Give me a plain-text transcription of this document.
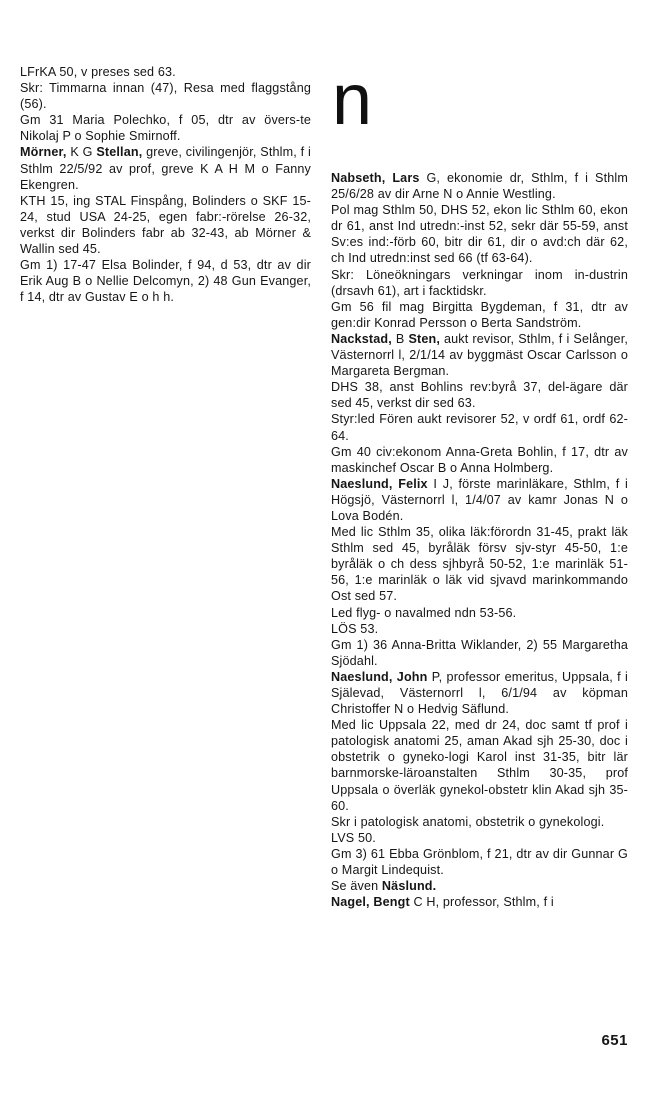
LFrKA 50, v preses sed 63.

Skr: Timmarna innan (47), Resa med flaggstång (56).

Gm 31 Maria Polechko, f 05, dtr av övers-te Nikolaj P o Sophie Smirnoff.

Mörner, K G Stellan, greve, civilingenjör, Sthlm, f i Sthlm 22/5/92 av prof, greve K A H M o Fanny Ekengren.

KTH 15, ing STAL Finspång, Bolinders o SKF 15-24, stud USA 24-25, egen fabr:-rörelse 26-32, verkst dir Bolinders fabr ab 32-43, ab Mörner & Wallin sed 45.

Gm 1) 17-47 Elsa Bolinder, f 94, d 53, dtr av dir Erik Aug B o Nellie Delcomyn, 2) 48 Gun Evanger, f 14, dtr av Gustav E o h h.

n

Nabseth, Lars G, ekonomie dr, Sthlm, f i Sthlm 25/6/28 av dir Arne N o Annie Westling.

Pol mag Sthlm 50, DHS 52, ekon lic Sthlm 60, ekon dr 61, anst Ind utredn:-inst 52, sekr där 55-59, anst Sv:es ind:-förb 60, bitr dir 61, dir o avd:ch där 62, ch Ind utredn:inst sed 66 (tf 63-64).

Skr: Löneökningars verkningar inom in-dustrin (drsavh 61), art i facktidskr.

Gm 56 fil mag Birgitta Bygdeman, f 31, dtr av gen:dir Konrad Persson o Berta Sandström.

Nackstad, B Sten, aukt revisor, Sthlm, f i Selånger, Västernorrl l, 2/1/14 av byggmäst Oscar Carlsson o Margareta Bergman.

DHS 38, anst Bohlins rev:byrå 37, del-ägare där sed 45, verkst dir sed 63.

Styr:led Fören aukt revisorer 52, v ordf 61, ordf 62-64.

Gm 40 civ:ekonom Anna-Greta Bohlin, f 17, dtr av maskinchef Oscar B o Anna Holmberg.

Naeslund, Felix I J, förste marinläkare, Sthlm, f i Högsjö, Västernorrl l, 1/4/07 av kamr Jonas N o Lova Bodén.

Med lic Sthlm 35, olika läk:förordn 31-45, prakt läk Sthlm sed 45, byråläk försv sjv-styr 45-50, 1:e byråläk o ch dess sjhbyrå 50-52, 1:e marinläk 51-56, 1:e marinläk o läk vid sjvavd marinkommando Ost sed 57.

Led flyg- o navalmed ndn 53-56.

LÖS 53.

Gm 1) 36 Anna-Britta Wiklander, 2) 55 Margaretha Sjödahl.

Naeslund, John P, professor emeritus, Uppsala, f i Själevad, Västernorrl l, 6/1/94 av köpman Christoffer N o Hedvig Säflund.

Med lic Uppsala 22, med dr 24, doc samt tf prof i patologisk anatomi 25, aman Akad sjh 25-30, doc i obstetrik o gyneko-logi Karol inst 31-35, bitr lär barnmorske-läroanstalten Sthlm 30-35, prof Uppsala o överläk gynekol-obstetr klin Akad sjh 35-60.

Skr i patologisk anatomi, obstetrik o gynekologi.

LVS 50.

Gm 3) 61 Ebba Grönblom, f 21, dtr av dir Gunnar G o Margit Lindequist.

Se även Näslund.

Nagel, Bengt C H, professor, Sthlm, f i

651
